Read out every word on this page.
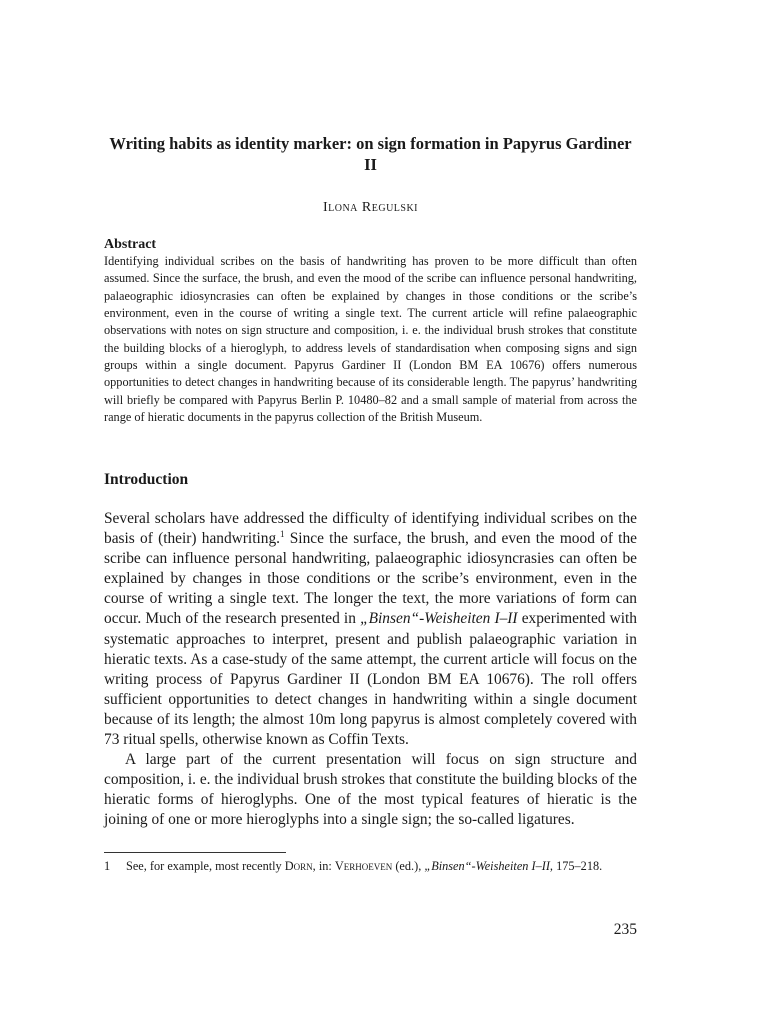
Writing habits as identity marker: on sign formation in Papyrus Gardiner II
Ilona Regulski
Abstract
Identifying individual scribes on the basis of handwriting has proven to be more difficult than often assumed. Since the surface, the brush, and even the mood of the scribe can influence personal handwriting, palaeographic idiosyncrasies can often be explained by changes in those conditions or the scribe’s environment, even in the course of writing a single text. The current article will refine palaeographic observations with notes on sign structure and composition, i. e. the individual brush strokes that constitute the building blocks of a hieroglyph, to address levels of standardisation when composing signs and sign groups within a single document. Papyrus Gardiner II (London BM EA 10676) offers numerous opportunities to detect changes in handwriting because of its considerable length. The papyrus’ handwriting will briefly be compared with Papyrus Berlin P. 10480–82 and a small sample of material from across the range of hieratic documents in the papyrus collection of the British Museum.
Introduction

Several scholars have addressed the difficulty of identifying individual scribes on the basis of (their) handwriting.$^1$ Since the surface, the brush, and even the mood of the scribe can influence personal handwriting, palaeographic idiosyncrasies can often be explained by changes in those conditions or the scribe’s environment, even in the course of writing a single text. The longer the text, the more variations of form can occur. Much of the research presented in „Binsen“-Weisheiten I–II experimented with systematic approaches to interpret, present and publish palaeographic variation in hieratic texts. As a case-study of the same attempt, the current article will focus on the writing process of Papyrus Gardiner II (London BM EA 10676). The roll offers sufficient opportunities to detect changes in handwriting within a single document because of its length; the almost 10m long papyrus is almost completely covered with 73 ritual spells, otherwise known as Coffin Texts.

A large part of the current presentation will focus on sign structure and composition, i. e. the individual brush strokes that constitute the building blocks of the hieratic forms of hieroglyphs. One of the most typical features of hieratic is the joining of one or more hieroglyphs into a single sign; the so-called ligatures.

1 See, for example, most recently Dorn, in: Verhoeven (ed.), „Binsen“-Weisheiten I–II, 175–218.
235
